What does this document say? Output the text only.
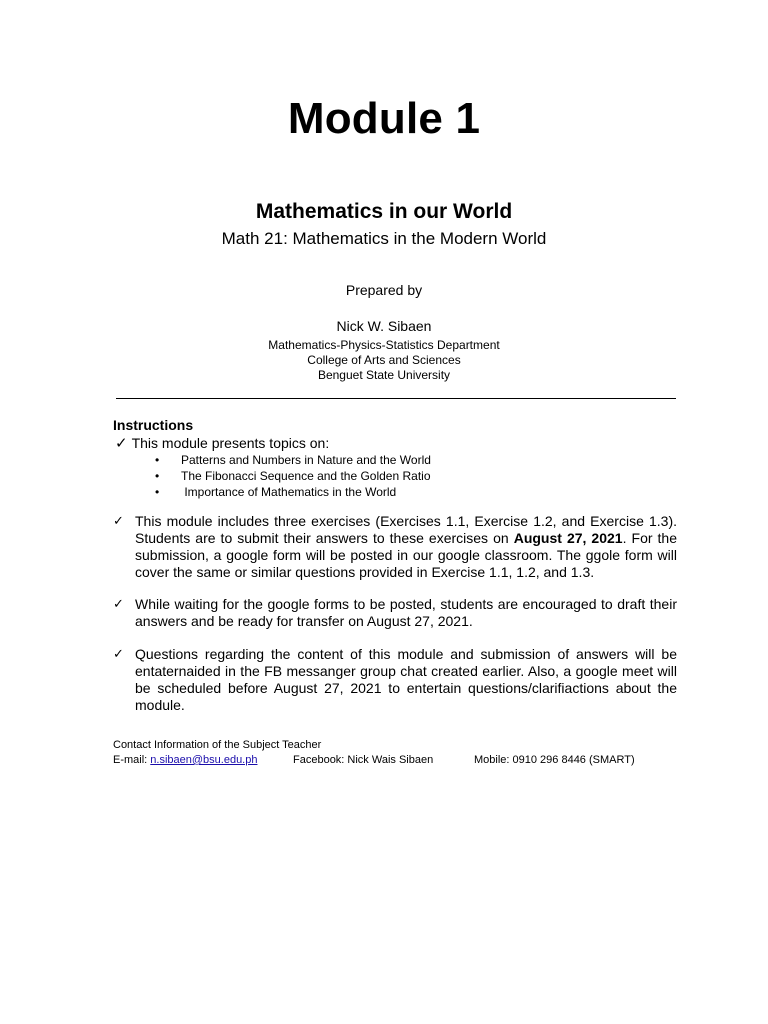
Module 1
Mathematics in our World
Math 21: Mathematics in the Modern World
Prepared by
Nick W. Sibaen
Mathematics-Physics-Statistics Department
College of Arts and Sciences
Benguet State University
Instructions
✓ This module presents topics on:
• Patterns and Numbers in Nature and the World
• The Fibonacci Sequence and the Golden Ratio
• Importance of Mathematics in the World
✓ This module includes three exercises (Exercises 1.1, Exercise 1.2, and Exercise 1.3). Students are to submit their answers to these exercises on August 27, 2021. For the submission, a google form will be posted in our google classroom. The ggole form will cover the same or similar questions provided in Exercise 1.1, 1.2, and 1.3.
✓ While waiting for the google forms to be posted, students are encouraged to draft their answers and be ready for transfer on August 27, 2021.
✓ Questions regarding the content of this module and submission of answers will be entaternaided in the FB messanger group chat created earlier. Also, a google meet will be scheduled before August 27, 2021 to entertain questions/clarifiactions about the module.
Contact Information of the Subject Teacher
E-mail: n.sibaen@bsu.edu.ph	Facebook: Nick Wais Sibaen	Mobile: 0910 296 8446 (SMART)
